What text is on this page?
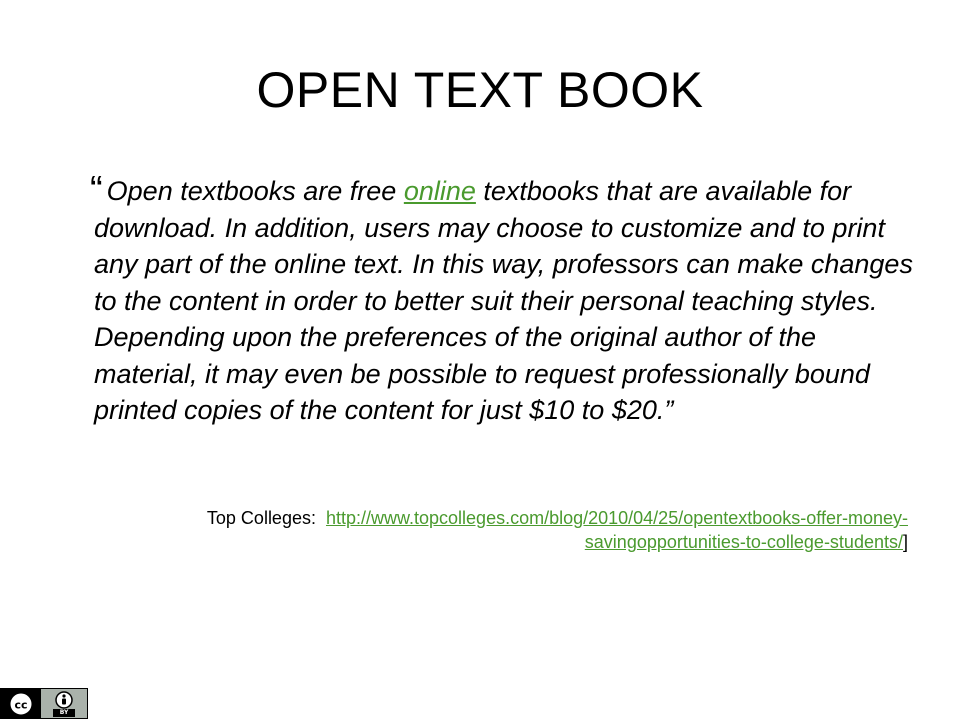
OPEN TEXT BOOK
“ Open textbooks are free online textbooks that are available for download. In addition, users may choose to customize and to print any part of the online text. In this way, professors can make changes to the content in order to better suit their personal teaching styles. Depending upon the preferences of the original author of the material, it may even be possible to request professionally bound printed copies of the content for just $10 to $20.”
Top Colleges: http://www.topcolleges.com/blog/2010/04/25/opentextbooks-offer-money-
savingopportunities-to-college-students/]
cc
BY
